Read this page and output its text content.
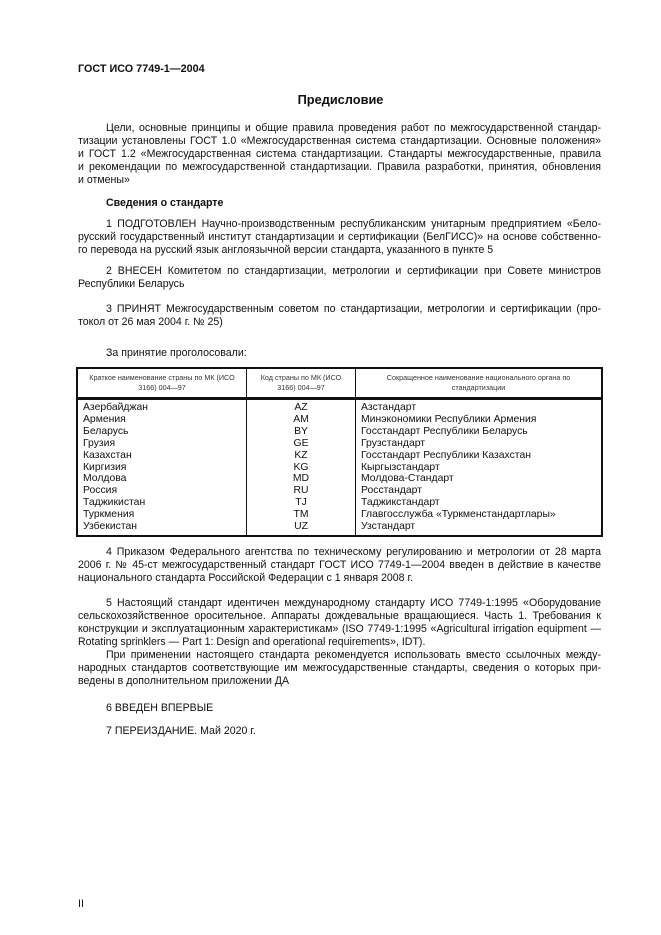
ГОСТ ИСО 7749-1—2004
Предисловие
Цели, основные принципы и общие правила проведения работ по межгосударственной стандар-
тизации установлены ГОСТ 1.0 «Межгосударственная система стандартизации. Основные положения»
и ГОСТ 1.2 «Межгосударственная система стандартизации. Стандарты межгосударственные, правила
и рекомендации по межгосударственной стандартизации. Правила разработки, принятия, обновления
и отмены»
Сведения о стандарте
1 ПОДГОТОВЛЕН Научно-производственным республиканским унитарным предприятием «Бело-
русский государственный институт стандартизации и сертификации (БелГИСС)» на основе собственно-
го перевода на русский язык англоязычной версии стандарта, указанного в пункте 5
2 ВНЕСЕН Комитетом по стандартизации, метрологии и сертификации при Совете министров
Республики Беларусь
3 ПРИНЯТ Межгосударственным советом по стандартизации, метрологии и сертификации (про-
токол от 26 мая 2004 г. № 25)
За принятие проголосовали:
Краткое наименование страны по МК (ИСО 3166) 004—97	Код страны по МК (ИСО 3166) 004—97	Сокращенное наименование национального органа по стандартизации
Азербайджан	AZ	Азстандарт
Армения	AM	Минэкономики Республики Армения
Беларусь	BY	Госстандарт Республики Беларусь
Грузия	GE	Грузстандарт
Казахстан	KZ	Госстандарт Республики Казахстан
Киргизия	KG	Кыргызстандарт
Молдова	MD	Молдова-Стандарт
Россия	RU	Росстандарт
Таджикистан	TJ	Таджикстандарт
Туркмения	TM	Главгосслужба «Туркменстандартлары»
Узбекистан	UZ	Узстандарт
4 Приказом Федерального агентства по техническому регулированию и метрологии от 28 марта
2006 г. № 45-ст межгосударственный стандарт ГОСТ ИСО 7749-1—2004 введен в действие в качестве
национального стандарта Российской Федерации с 1 января 2008 г.
5 Настоящий стандарт идентичен международному стандарту ИСО 7749-1:1995 «Оборудование
сельскохозяйственное оросительное. Аппараты дождевальные вращающиеся. Часть 1. Требования к
конструкции и эксплуатационным характеристикам» (ISO 7749-1:1995 «Agricultural irrigation equipment —
Rotating sprinklers — Part 1: Design and operational requirements», IDT).
При применении настоящего стандарта рекомендуется использовать вместо ссылочных между-
народных стандартов соответствующие им межгосударственные стандарты, сведения о которых при-
ведены в дополнительном приложении ДА
6 ВВЕДЕН ВПЕРВЫЕ
7 ПЕРЕИЗДАНИЕ. Май 2020 г.
II
